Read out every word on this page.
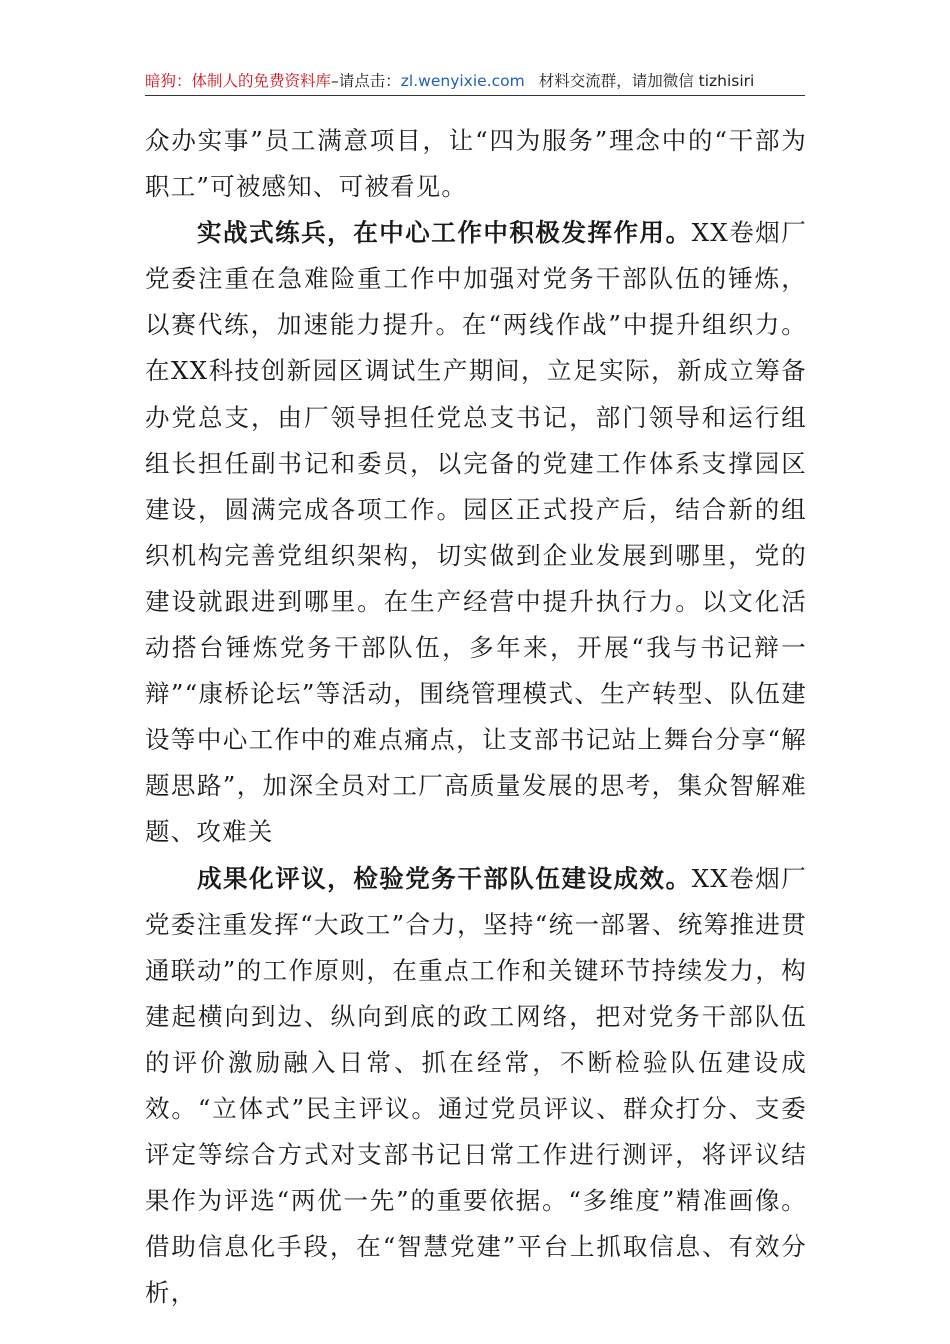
暗狗：体制人的免费资料库–请点击：zl.wenyixie.com 材料交流群，请加微信 tizhisiri

众办实事”员工满意项目，让“四为服务”理念中的“干部为职工”可被感知、可被看见。

实战式练兵，在中心工作中积极发挥作用。XX卷烟厂党委注重在急难险重工作中加强对党务干部队伍的锤炼，以赛代练，加速能力提升。在“两线作战”中提升组织力。在XX科技创新园区调试生产期间，立足实际，新成立筹备办党总支，由厂领导担任党总支书记，部门领导和运行组组长担任副书记和委员，以完备的党建工作体系支撑园区建设，圆满完成各项工作。园区正式投产后，结合新的组织机构完善党组织架构，切实做到企业发展到哪里，党的建设就跟进到哪里。在生产经营中提升执行力。以文化活动搭台锤炼党务干部队伍，多年来，开展“我与书记辩一辩”“康桥论坛”等活动，围绕管理模式、生产转型、队伍建设等中心工作中的难点痛点，让支部书记站上舞台分享“解题思路”，加深全员对工厂高质量发展的思考，集众智解难题、攻难关

成果化评议，检验党务干部队伍建设成效。XX卷烟厂党委注重发挥“大政工”合力，坚持“统一部署、统筹推进贯通联动”的工作原则，在重点工作和关键环节持续发力，构建起横向到边、纵向到底的政工网络，把对党务干部队伍的评价激励融入日常、抓在经常，不断检验队伍建设成效。“立体式”民主评议。通过党员评议、群众打分、支委评定等综合方式对支部书记日常工作进行测评，将评议结果作为评选“两优一先”的重要依据。“多维度”精准画像。借助信息化手段，在“智慧党建”平台上抓取信息、有效分析，
